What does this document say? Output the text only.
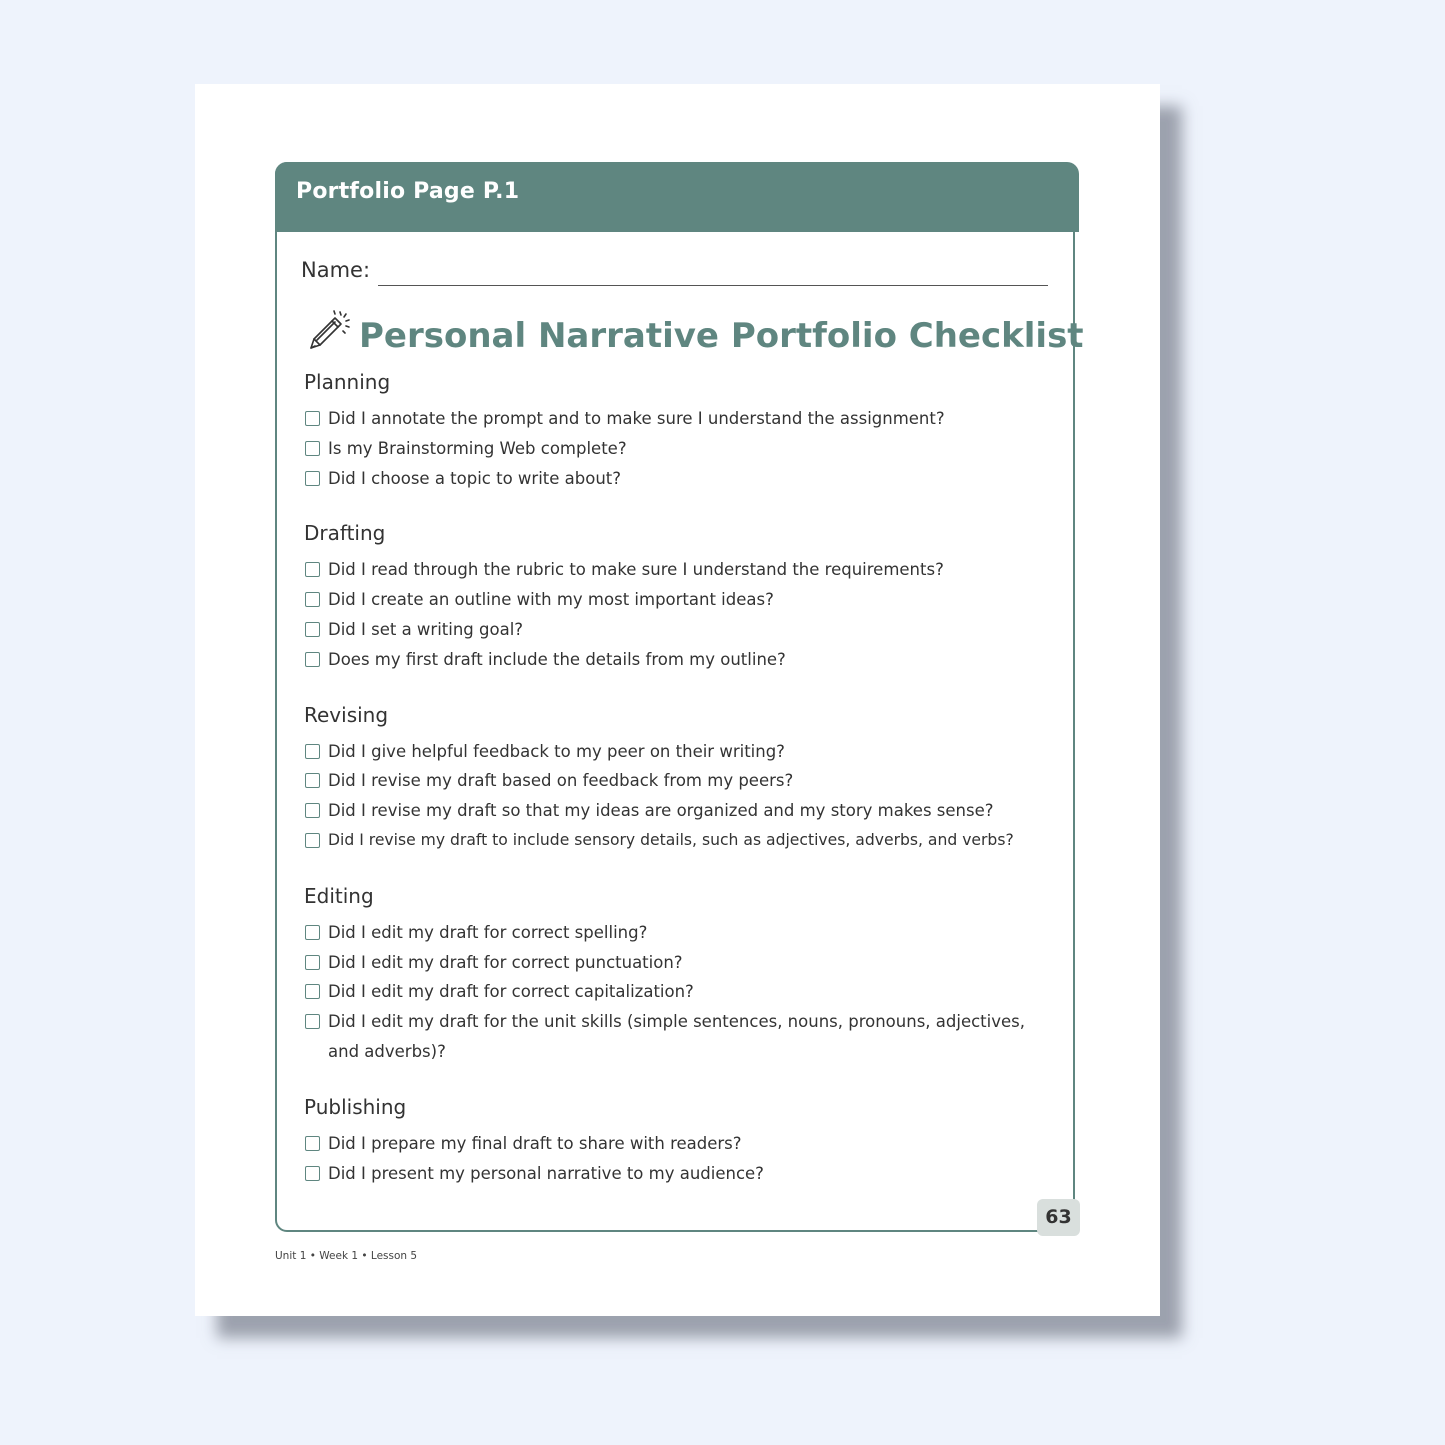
Portfolio Page P.1
Name:
Personal Narrative Portfolio Checklist
Planning
Did I annotate the prompt and to make sure I understand the assignment?
Is my Brainstorming Web complete?
Did I choose a topic to write about?
Drafting
Did I read through the rubric to make sure I understand the requirements?
Did I create an outline with my most important ideas?
Did I set a writing goal?
Does my first draft include the details from my outline?
Revising
Did I give helpful feedback to my peer on their writing?
Did I revise my draft based on feedback from my peers?
Did I revise my draft so that my ideas are organized and my story makes sense?
Did I revise my draft to include sensory details, such as adjectives, adverbs, and verbs?
Editing
Did I edit my draft for correct spelling?
Did I edit my draft for correct punctuation?
Did I edit my draft for correct capitalization?
Did I edit my draft for the unit skills (simple sentences, nouns, pronouns, adjectives, and adverbs)?
Publishing
Did I prepare my final draft to share with readers?
Did I present my personal narrative to my audience?
63
Unit 1 • Week 1 • Lesson 5
